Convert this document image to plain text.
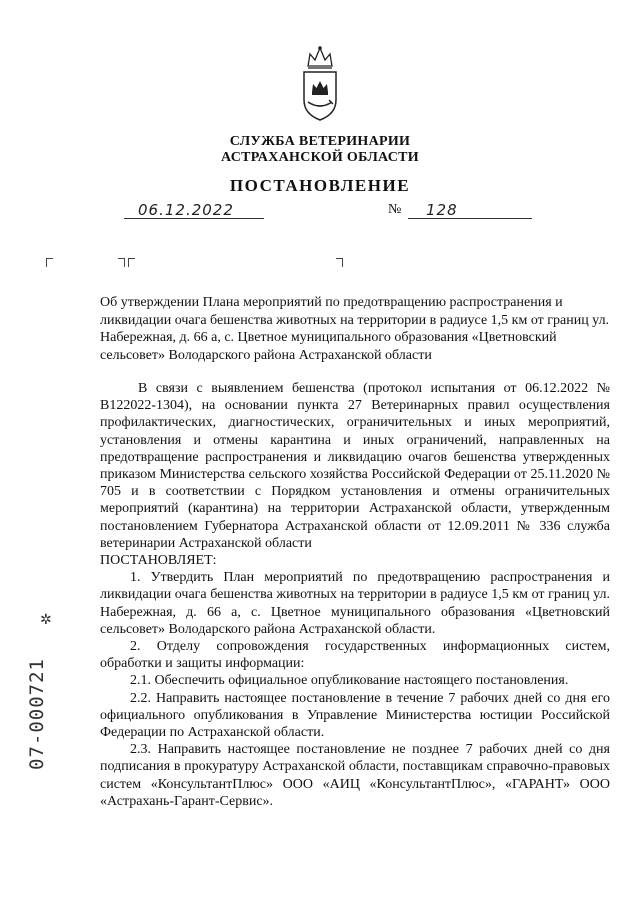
СЛУЖБА ВЕТЕРИНАРИИ
АСТРАХАНСКОЙ ОБЛАСТИ
ПОСТАНОВЛЕНИЕ
06.12.2022	№ 128

Об утверждении Плана мероприятий по предотвращению распространения и ликвидации очага бешенства животных на территории в радиусе 1,5 км от границ ул. Набережная, д. 66 а, с. Цветное муниципального образования «Цветновский сельсовет» Володарского района Астраханской области

В связи с выявлением бешенства (протокол испытания от 06.12.2022 № В122022-1304), на основании пункта 27 Ветеринарных правил осуществления профилактических, диагностических, ограничительных и иных мероприятий, установления и отмены карантина и иных ограничений, направленных на предотвращение распространения и ликвидацию очагов бешенства утвержденных приказом Министерства сельского хозяйства Российской Федерации от 25.11.2020 № 705 и в соответствии с Порядком установления и отмены ограничительных мероприятий (карантина) на территории Астраханской области, утвержденным постановлением Губернатора Астраханской области от 12.09.2011 № 336 служба ветеринарии Астраханской области

ПОСТАНОВЛЯЕТ:

1. Утвердить План мероприятий по предотвращению распространения и ликвидации очага бешенства животных на территории в радиусе 1,5 км от границ ул. Набережная, д. 66 а, с. Цветное муниципального образования «Цветновский сельсовет» Володарского района Астраханской области.

2. Отделу сопровождения государственных информационных систем, обработки и защиты информации:

2.1. Обеспечить официальное опубликование настоящего постановления.

2.2. Направить настоящее постановление в течение 7 рабочих дней со дня его официального опубликования в Управление Министерства юстиции Российской Федерации по Астраханской области.

2.3. Направить настоящее постановление не позднее 7 рабочих дней со дня подписания в прокуратуру Астраханской области, поставщикам справочно-правовых систем «КонсультантПлюс» ООО «АИЦ «КонсультантПлюс», «ГАРАНТ» ООО «Астрахань-Гарант-Сервис».

✲
07-000721
